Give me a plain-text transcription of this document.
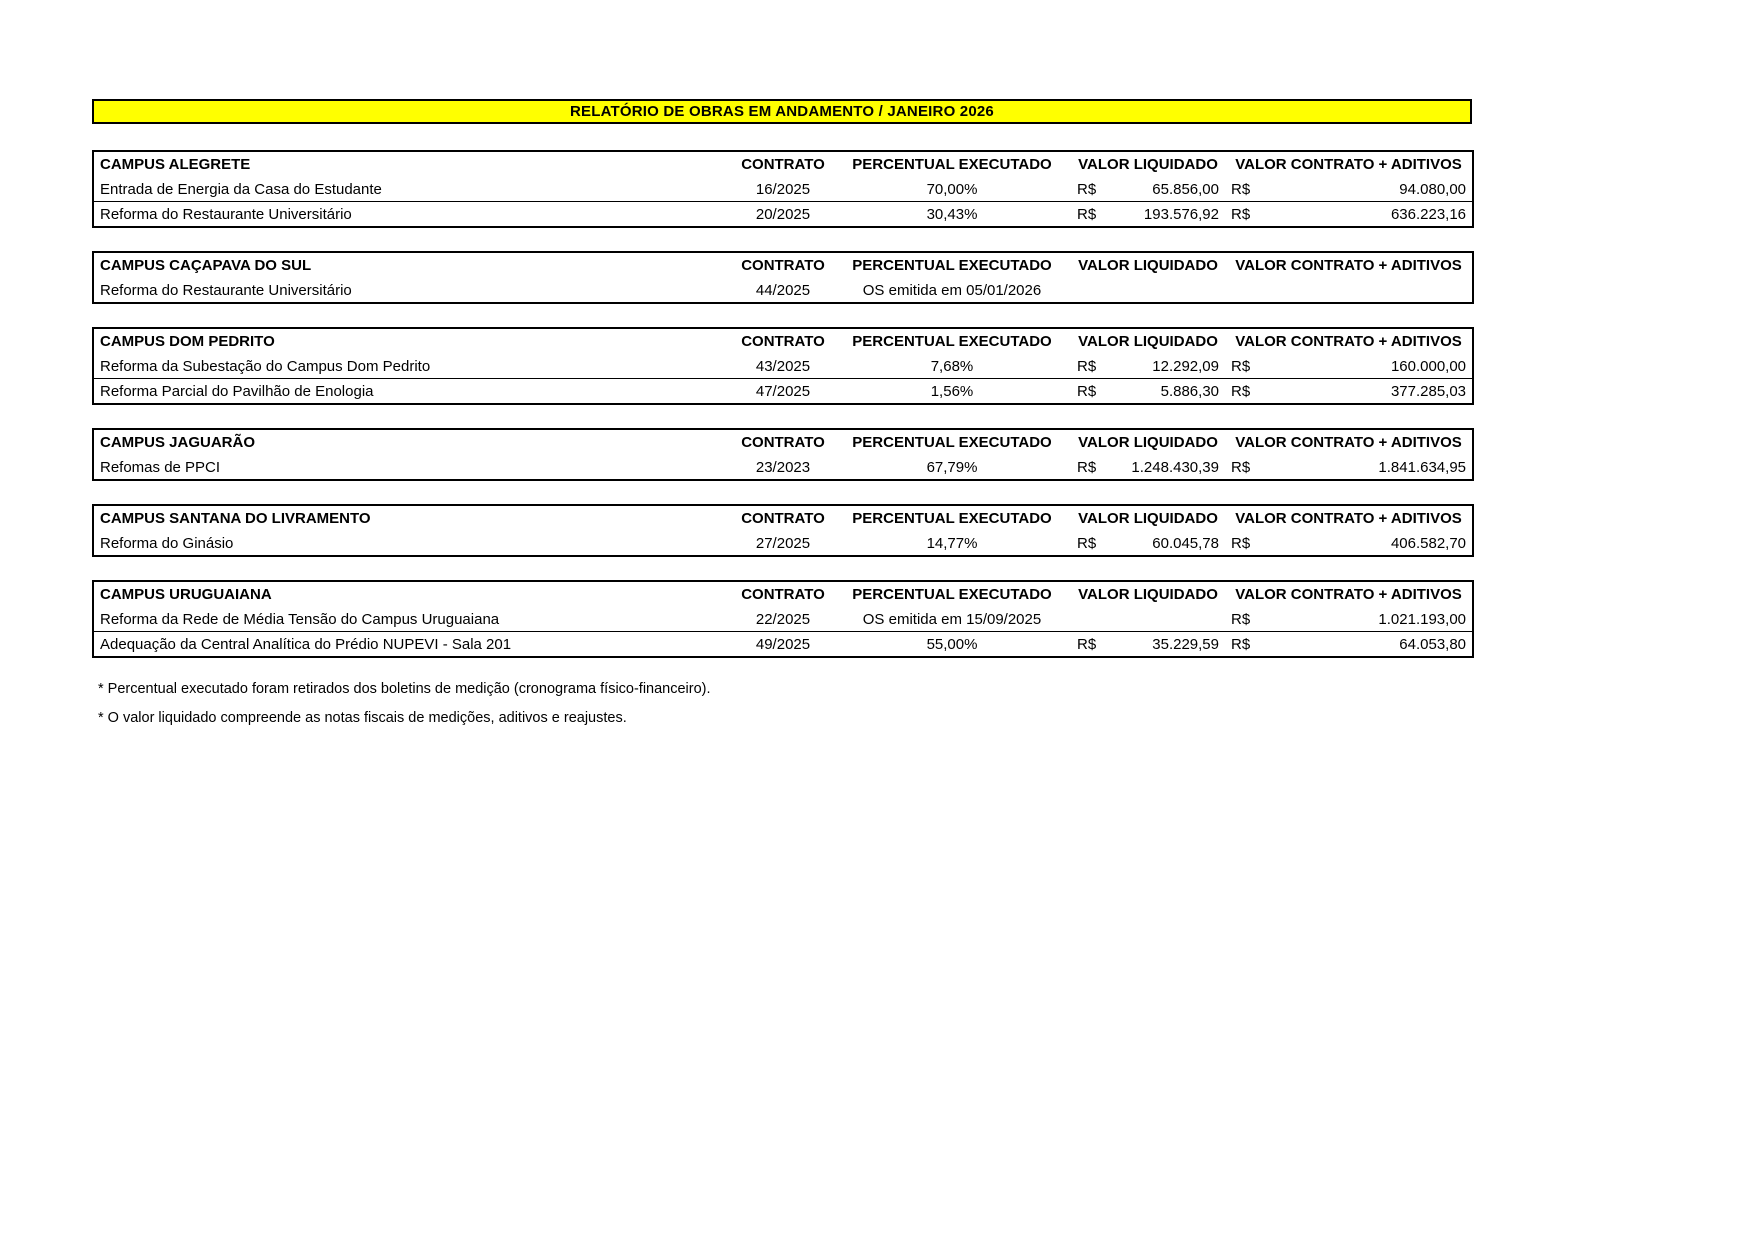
RELATÓRIO DE OBRAS EM ANDAMENTO / JANEIRO 2026
CAMPUS ALEGRETE	CONTRATO	PERCENTUAL EXECUTADO	VALOR LIQUIDADO		VALOR CONTRATO + ADITIVOS	
Entrada de Energia da Casa do Estudante	16/2025	70,00%	R$	65.856,00	R$	94.080,00
Reforma do Restaurante Universitário	20/2025	30,43%	R$	193.576,92	R$	636.223,16
CAMPUS CAÇAPAVA DO SUL	CONTRATO	PERCENTUAL EXECUTADO	VALOR LIQUIDADO		VALOR CONTRATO + ADITIVOS	
Reforma do Restaurante Universitário	44/2025	OS emitida em 05/01/2026				
CAMPUS DOM PEDRITO	CONTRATO	PERCENTUAL EXECUTADO	VALOR LIQUIDADO		VALOR CONTRATO + ADITIVOS	
Reforma da Subestação do Campus Dom Pedrito	43/2025	7,68%	R$	12.292,09	R$	160.000,00
Reforma Parcial do Pavilhão de Enologia	47/2025	1,56%	R$	5.886,30	R$	377.285,03
CAMPUS JAGUARÃO	CONTRATO	PERCENTUAL EXECUTADO	VALOR LIQUIDADO		VALOR CONTRATO + ADITIVOS	
Refomas de PPCI	23/2023	67,79%	R$	1.248.430,39	R$	1.841.634,95
CAMPUS SANTANA DO LIVRAMENTO	CONTRATO	PERCENTUAL EXECUTADO	VALOR LIQUIDADO		VALOR CONTRATO + ADITIVOS	
Reforma do Ginásio	27/2025	14,77%	R$	60.045,78	R$	406.582,70
CAMPUS URUGUAIANA	CONTRATO	PERCENTUAL EXECUTADO	VALOR LIQUIDADO		VALOR CONTRATO + ADITIVOS	
Reforma da Rede de Média Tensão do Campus Uruguaiana	22/2025	OS emitida em 15/09/2025			R$	1.021.193,00
Adequação da Central Analítica do Prédio NUPEVI - Sala 201	49/2025	55,00%	R$	35.229,59	R$	64.053,80

* Percentual executado foram retirados dos boletins de medição (cronograma físico-financeiro).

* O valor liquidado compreende as notas fiscais de medições, aditivos e reajustes.
